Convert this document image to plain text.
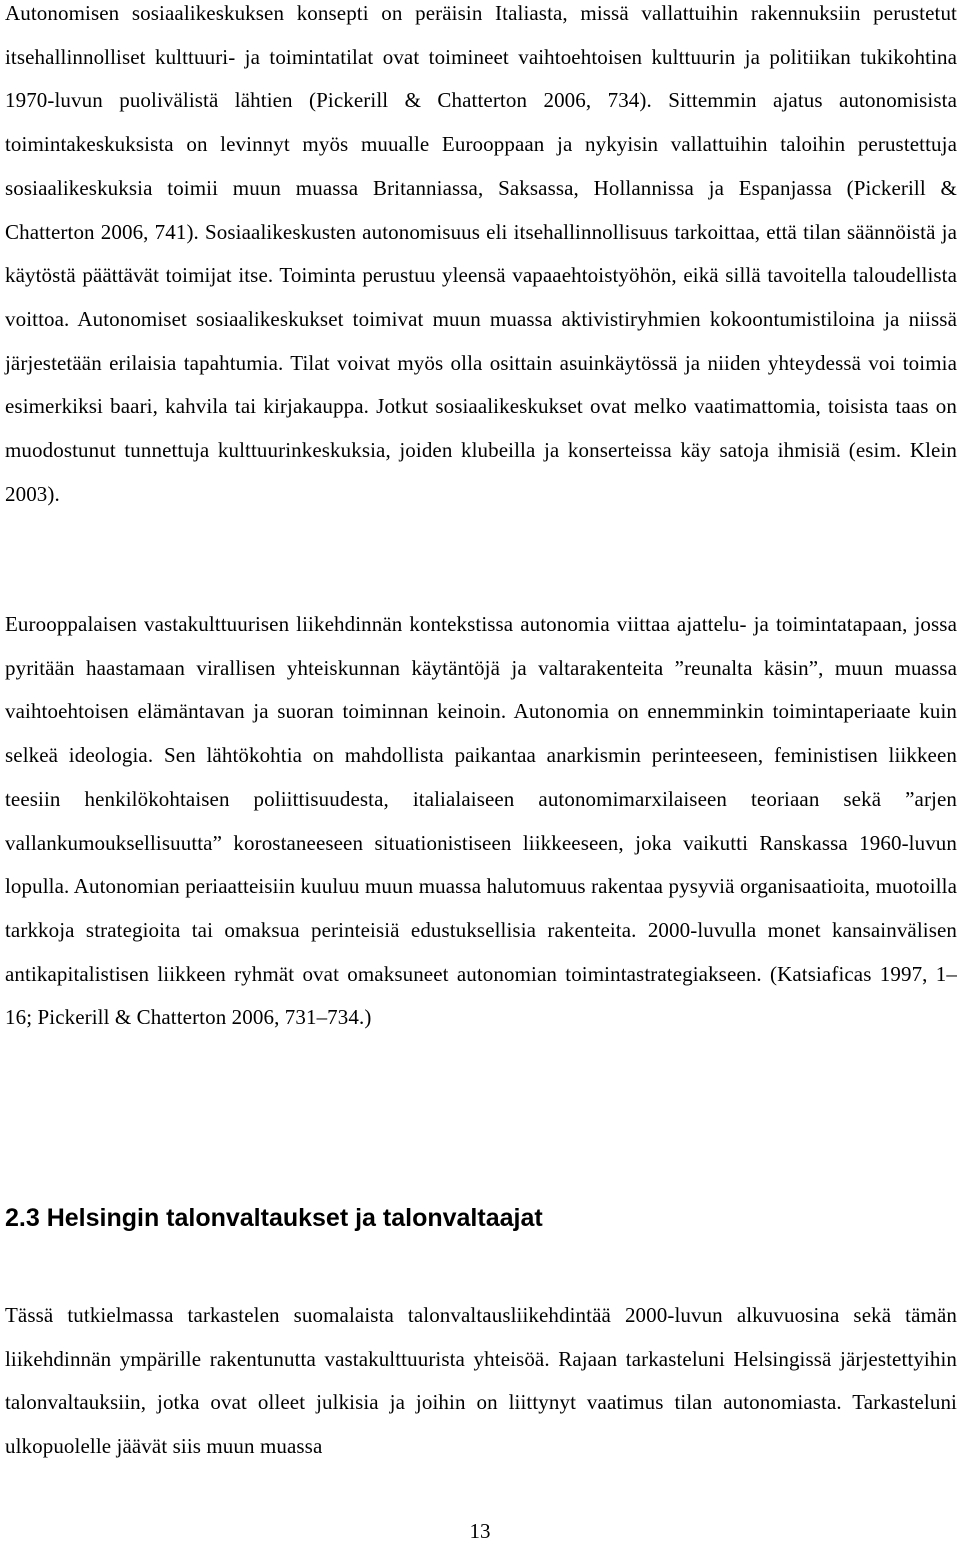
Autonomisen sosiaalikeskuksen konsepti on peräisin Italiasta, missä vallattuihin rakennuksiin perustetut itsehallinnolliset kulttuuri- ja toimintatilat ovat toimineet vaihtoehtoisen kulttuurin ja politiikan tukikohtina 1970-luvun puolivälistä lähtien (Pickerill & Chatterton 2006, 734). Sittemmin ajatus autonomisista toimintakeskuksista on levinnyt myös muualle Eurooppaan ja nykyisin vallattuihin taloihin perustettuja sosiaalikeskuksia toimii muun muassa Britanniassa, Saksassa, Hollannissa ja Espanjassa (Pickerill & Chatterton 2006, 741). Sosiaalikeskusten autonomisuus eli itsehallinnollisuus tarkoittaa, että tilan säännöistä ja käytöstä päättävät toimijat itse. Toiminta perustuu yleensä vapaaehtoistyöhön, eikä sillä tavoitella taloudellista voittoa. Autonomiset sosiaalikeskukset toimivat muun muassa aktivistiryhmien kokoontumistiloina ja niissä järjestetään erilaisia tapahtumia. Tilat voivat myös olla osittain asuinkäytössä ja niiden yhteydessä voi toimia esimerkiksi baari, kahvila tai kirjakauppa. Jotkut sosiaalikeskukset ovat melko vaatimattomia, toisista taas on muodostunut tunnettuja kulttuurinkeskuksia, joiden klubeilla ja konserteissa käy satoja ihmisiä (esim. Klein 2003).

Eurooppalaisen vastakulttuurisen liikehdinnän kontekstissa autonomia viittaa ajattelu- ja toimintatapaan, jossa pyritään haastamaan virallisen yhteiskunnan käytäntöjä ja valtarakenteita ”reunalta käsin”, muun muassa vaihtoehtoisen elämäntavan ja suoran toiminnan keinoin. Autonomia on ennemminkin toimintaperiaate kuin selkeä ideologia. Sen lähtökohtia on mahdollista paikantaa anarkismin perinteeseen, feministisen liikkeen teesiin henkilökohtaisen poliittisuudesta, italialaiseen autonomimarxilaiseen teoriaan sekä ”arjen vallankumouksellisuutta” korostaneeseen situationistiseen liikkeeseen, joka vaikutti Ranskassa 1960-luvun lopulla. Autonomian periaatteisiin kuuluu muun muassa halutomuus rakentaa pysyviä organisaatioita, muotoilla tarkkoja strategioita tai omaksua perinteisiä edustuksellisia rakenteita. 2000-luvulla monet kansainvälisen antikapitalistisen liikkeen ryhmät ovat omaksuneet autonomian toimintastrategiakseen. (Katsiaficas 1997, 1–16; Pickerill & Chatterton 2006, 731–734.)

2.3 Helsingin talonvaltaukset ja talonvaltaajat

Tässä tutkielmassa tarkastelen suomalaista talonvaltausliikehdintää 2000-luvun alkuvuosina sekä tämän liikehdinnän ympärille rakentunutta vastakulttuurista yhteisöä. Rajaan tarkasteluni Helsingissä järjestettyihin talonvaltauksiin, jotka ovat olleet julkisia ja joihin on liittynyt vaatimus tilan autonomiasta. Tarkasteluni ulkopuolelle jäävät siis muun muassa

13
